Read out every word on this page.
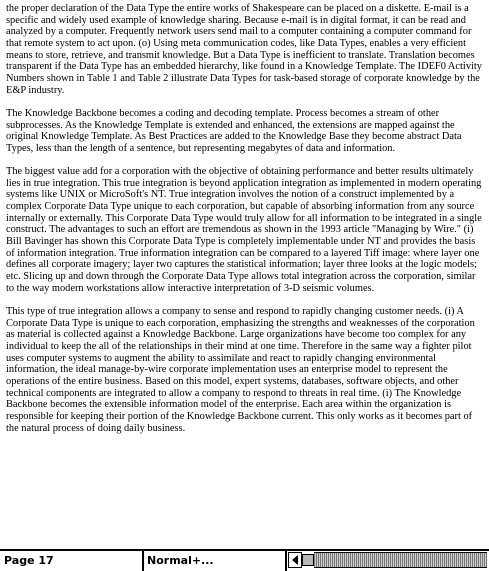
the proper declaration of the Data Type the entire works of Shakespeare can be placed on a diskette. E-mail is a specific and widely used example of knowledge sharing. Because e-mail is in digital format, it can be read and analyzed by a computer. Frequently network users send mail to a computer containing a computer command for that remote system to act upon. (o) Using meta communication codes, like Data Types, enables a very efficient means to store, retrieve, and transmit knowledge. But a Data Type is inefficient to translate. Translation becomes transparent if the Data Type has an embedded hierarchy, like found in a Knowledge Template. The IDEF0 Activity Numbers shown in Table 1 and Table 2 illustrate Data Types for task-based storage of corporate knowledge by the E&P industry.

The Knowledge Backbone becomes a coding and decoding template. Process becomes a stream of other subprocesses. As the Knowledge Template is extended and enhanced, the extensions are mapped against the original Knowledge Template. As Best Practices are added to the Knowledge Base they become abstract Data Types, less than the length of a sentence, but representing megabytes of data and information.

The biggest value add for a corporation with the objective of obtaining performance and better results ultimately lies in true integration. This true integration is beyond application integration as implemented in modern operating systems like UNIX or MicroSoft's NT. True integration involves the notion of a construct implemented by a complex Corporate Data Type unique to each corporation, but capable of absorbing information from any source internally or externally. This Corporate Data Type would truly allow for all information to be integrated in a single construct. The advantages to such an effort are tremendous as shown in the 1993 article "Managing by Wire." (i) Bill Bavinger has shown this Corporate Data Type is completely implementable under NT and provides the basis of information integration. True information integration can be compared to a layered Tiff image: where layer one defines all corporate imagery; layer two captures the statistical information; layer three looks at the logic models; etc. Slicing up and down through the Corporate Data Type allows total integration across the corporation, similar to the way modern workstations allow interactive interpretation of 3-D seismic volumes.

This type of true integration allows a company to sense and respond to rapidly changing customer needs. (i) A Corporate Data Type is unique to each corporation, emphasizing the strengths and weaknesses of the corporation as material is collected against a Knowledge Backbone. Large organizations have become too complex for any individual to keep the all of the relationships in their mind at one time. Therefore in the same way a fighter pilot uses computer systems to augment the ability to assimilate and react to rapidly changing environmental information, the ideal manage-by-wire corporate implementation uses an enterprise model to represent the operations of the entire business. Based on this model, expert systems, databases, software objects, and other technical components are integrated to allow a company to respond to threats in real time. (i) The Knowledge Backbone becomes the extensible information model of the enterprise. Each area within the organization is responsible for keeping their portion of the Knowledge Backbone current. This only works as it becomes part of the natural process of doing daily business.

Page 17	Normal+...
